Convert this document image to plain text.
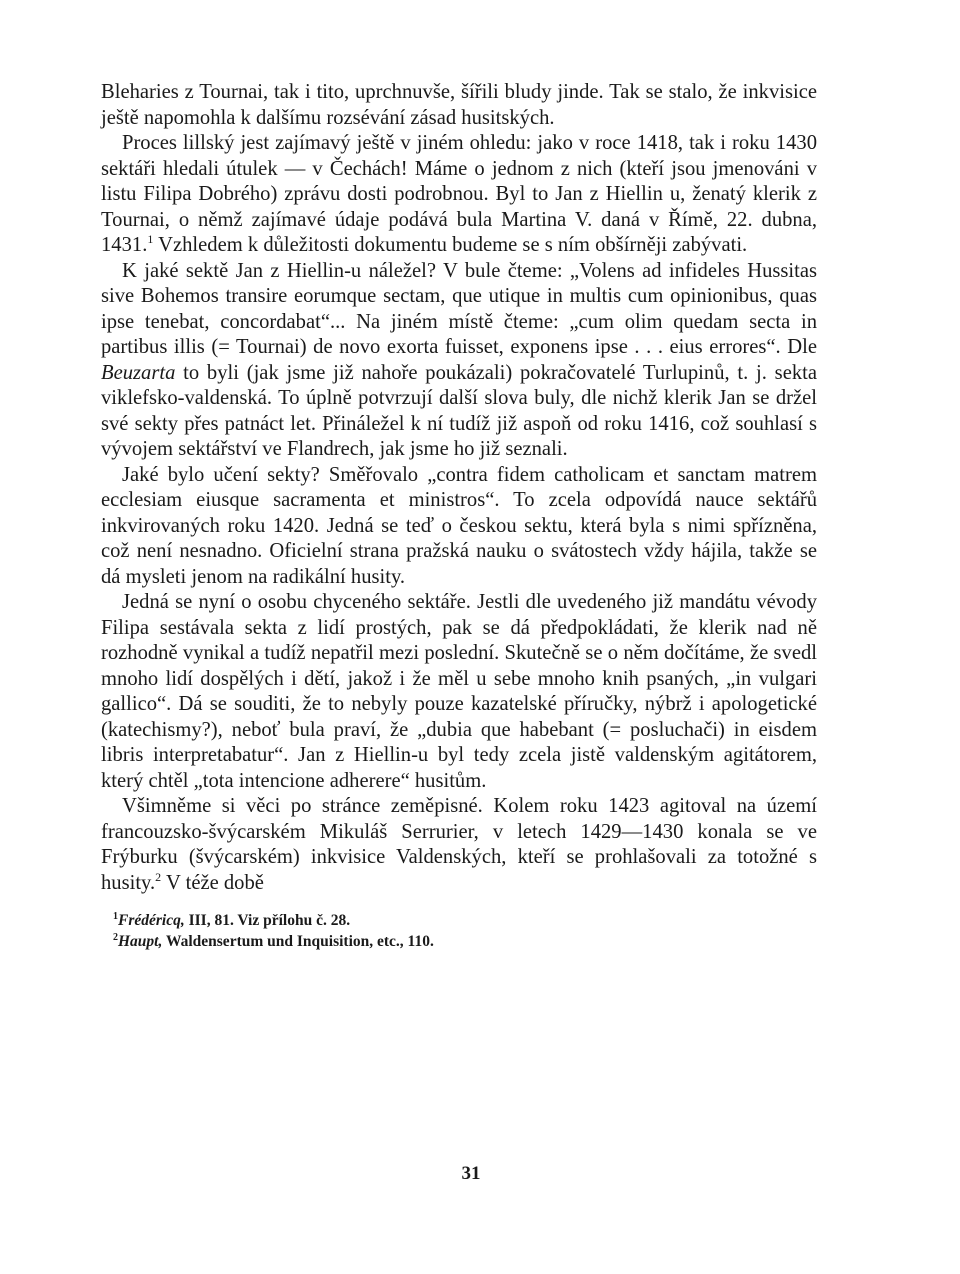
Bleharies z Tournai, tak i tito, uprchnuvše, šířili bludy jinde. Tak se stalo, že inkvisice ještě napomohla k dalšímu rozsévání zásad husitských.

Proces lillský jest zajímavý ještě v jiném ohledu: jako v roce 1418, tak i roku 1430 sektáři hledali útulek — v Čechách! Máme o jednom z nich (kteří jsou jmenováni v listu Filipa Dobrého) zprávu dosti podrobnou. Byl to Jan z Hiellin u, ženatý klerik z Tournai, o němž zajímavé údaje podává bula Martina V. daná v Římě, 22. dubna, 1431.$^1$ Vzhledem k důležitosti dokumentu budeme se s ním obšírněji zabývati.

K jaké sektě Jan z Hiellin-u náležel? V bule čteme: „Volens ad infideles Hussitas sive Bohemos transire eorumque sectam, que utique in multis cum opinionibus, quas ipse tenebat, concordabat“... Na jiném místě čteme: „cum olim quedam secta in partibus illis (= Tournai) de novo exorta fuisset, exponens ipse . . . eius errores“. Dle Beuzarta to byli (jak jsme již nahoře poukázali) pokračovatelé Turlupinů, t. j. sekta viklefsko-valdenská. To úplně potvrzují další slova buly, dle nichž klerik Jan se držel své sekty přes patnáct let. Přináležel k ní tudíž již aspoň od roku 1416, což souhlasí s vývojem sektářství ve Flandrech, jak jsme ho již seznali.

Jaké bylo učení sekty? Směřovalo „contra fidem catholicam et sanctam matrem ecclesiam eiusque sacramenta et ministros“. To zcela odpovídá nauce sektářů inkvirovaných roku 1420. Jedná se teď o českou sektu, která byla s nimi spřízněna, což není nesnadno. Oficielní strana pražská nauku o svátostech vždy hájila, takže se dá mysleti jenom na radikální husity.

Jedná se nyní o osobu chyceného sektáře. Jestli dle uvedeného již mandátu vévody Filipa sestávala sekta z lidí prostých, pak se dá předpokládati, že klerik nad ně rozhodně vynikal a tudíž nepatřil mezi poslední. Skutečně se o něm dočítáme, že svedl mnoho lidí dospělých i dětí, jakož i že měl u sebe mnoho knih psaných, „in vulgari gallico“. Dá se souditi, že to nebyly pouze kazatelské příručky, nýbrž i apologetické (katechismy?), neboť bula praví, že „dubia que habebant (= posluchači) in eisdem libris interpretabatur“. Jan z Hiellin-u byl tedy zcela jistě valdenským agitátorem, který chtěl „tota intencione adherere“ husitům.

Všimněme si věci po stránce zeměpisné. Kolem roku 1423 agitoval na území francouzsko-švýcarském Mikuláš Serrurier, v letech 1429—1430 konala se ve Frýburku (švýcarském) inkvisice Valdenských, kteří se prohlašovali za totožné s husity.$^2$ V téže době

$^1$Frédéricq, III, 81. Viz přílohu č. 28.

$^2$Haupt, Waldensertum und Inquisition, etc., 110.

31
